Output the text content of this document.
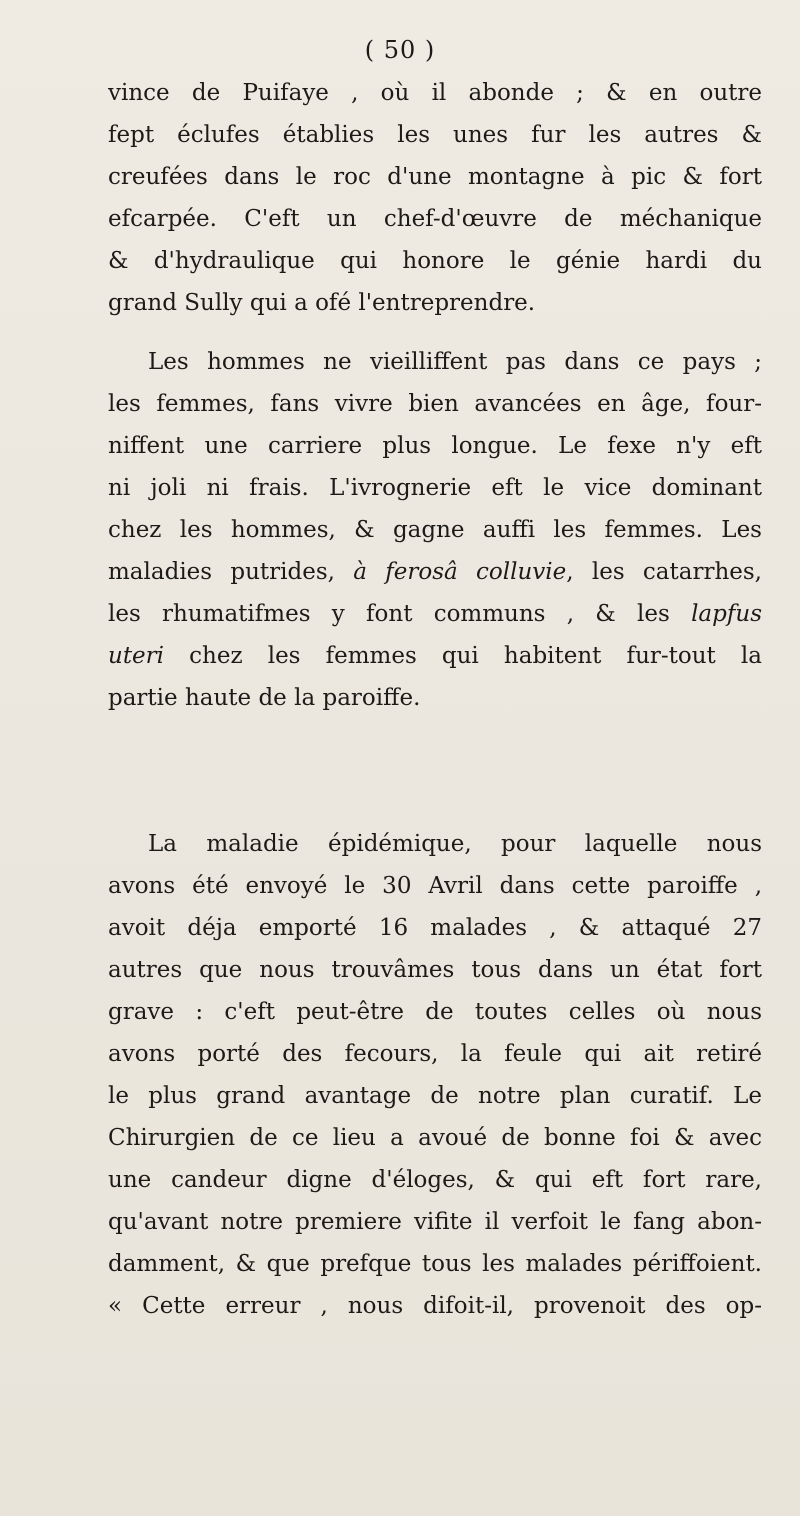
( 50 )
vince de Puifaye , où il abonde ; & en outre
fept éclufes établies les unes fur les autres &
creufées dans le roc d'une montagne à pic & fort
efcarpée. C'eft un chef-d'œuvre de méchanique
& d'hydraulique qui honore le génie hardi du
grand Sully qui a ofé l'entreprendre.
Les hommes ne vieilliffent pas dans ce pays ;
les femmes, fans vivre bien avancées en âge, four-
niffent une carriere plus longue. Le fexe n'y eft
ni joli ni frais. L'ivrognerie eft le vice dominant
chez les hommes, & gagne auffi les femmes. Les
maladies putrides, à ferosâ colluvie, les catarrhes,
les rhumatifmes y font communs , & les lapfus
uteri chez les femmes qui habitent fur-tout la
partie haute de la paroiffe.
La maladie épidémique, pour laquelle nous
avons été envoyé le 30 Avril dans cette paroiffe ,
avoit déja emporté 16 malades , & attaqué 27
autres que nous trouvâmes tous dans un état fort
grave : c'eft peut-être de toutes celles où nous
avons porté des fecours, la feule qui ait retiré
le plus grand avantage de notre plan curatif. Le
Chirurgien de ce lieu a avoué de bonne foi & avec
une candeur digne d'éloges, & qui eft fort rare,
qu'avant notre premiere vifite il verfoit le fang abon-
damment, & que prefque tous les malades périffoient.
« Cette erreur , nous difoit-il, provenoit des op-
